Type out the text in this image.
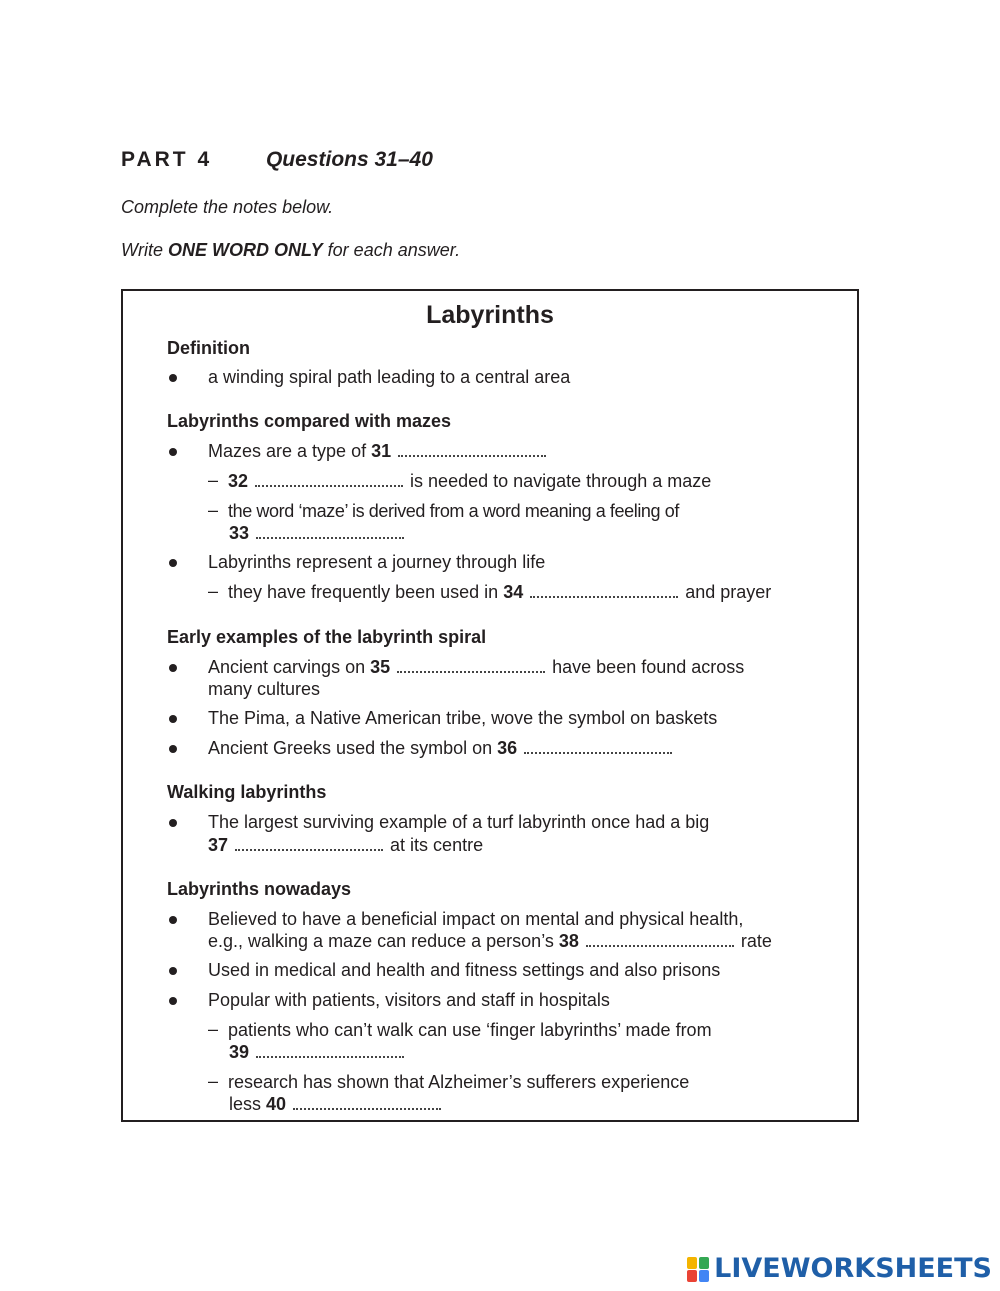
PART 4	Questions 31–40
Complete the notes below.
Write ONE WORD ONLY for each answer.
Labyrinths
Definition
a winding spiral path leading to a central area
Labyrinths compared with mazes
Mazes are a type of 31
– 32	is needed to navigate through a maze
– the word ‘maze’ is derived from a word meaning a feeling of
33
Labyrinths represent a journey through life
– they have frequently been used in 34	and prayer
Early examples of the labyrinth spiral
Ancient carvings on 35	have been found across
many cultures
The Pima, a Native American tribe, wove the symbol on baskets
Ancient Greeks used the symbol on 36
Walking labyrinths
The largest surviving example of a turf labyrinth once had a big
37	at its centre
Labyrinths nowadays
Believed to have a beneficial impact on mental and physical health,
e.g., walking a maze can reduce a person’s 38	rate
Used in medical and health and fitness settings and also prisons
Popular with patients, visitors and staff in hospitals
– patients who can’t walk can use ‘finger labyrinths’ made from
39
– research has shown that Alzheimer’s sufferers experience
less 40
LIVEWORKSHEETS
